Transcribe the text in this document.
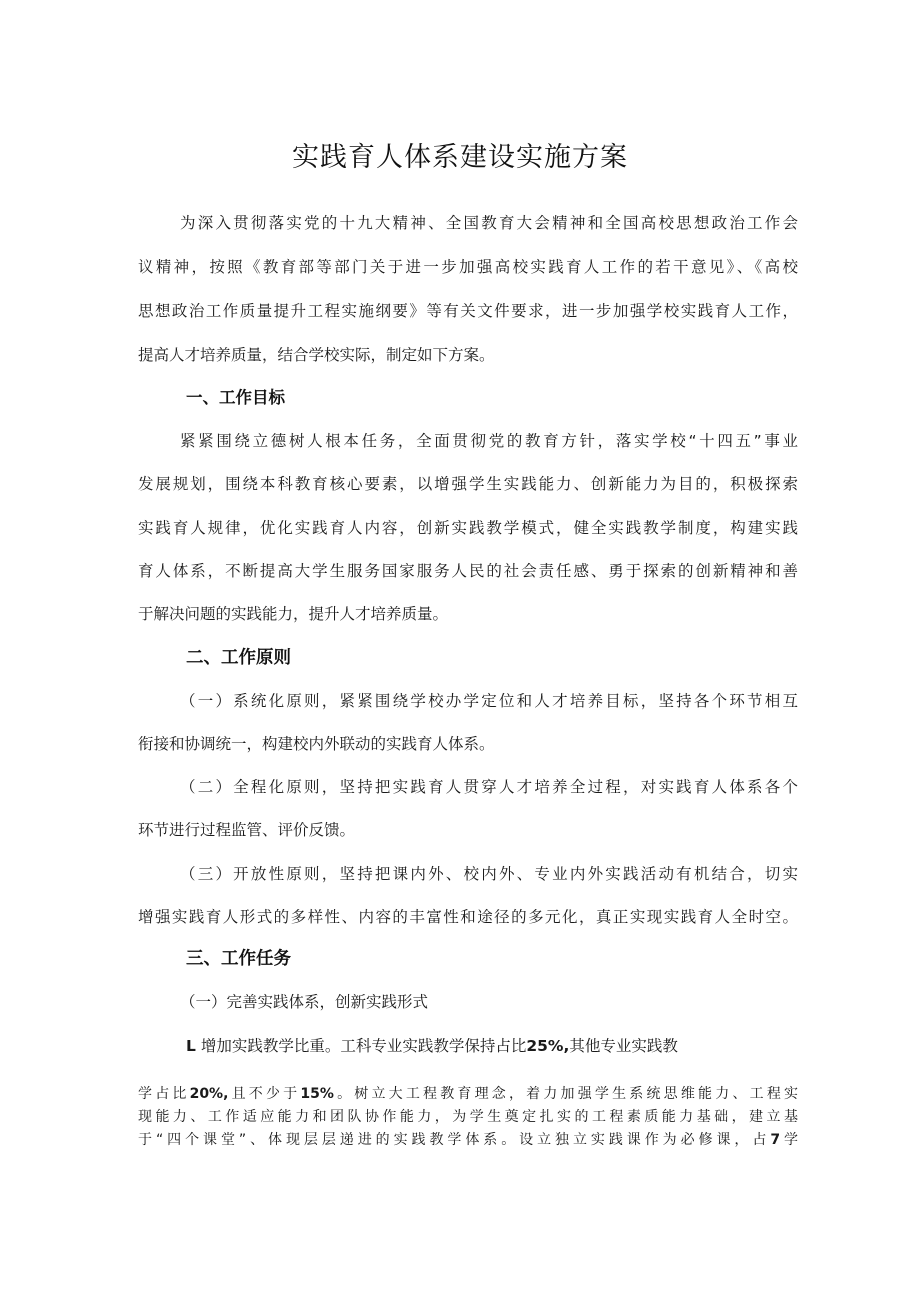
实践育人体系建设实施方案
为深入贯彻落实党的十九大精神、全国教育大会精神和全国高校思想政治工作会
议精神，按照《教育部等部门关于进一步加强高校实践育人工作的若干意见》、《高校
思想政治工作质量提升工程实施纲要》等有关文件要求，进一步加强学校实践育人工作，
提高人才培养质量，结合学校实际，制定如下方案。
一、工作目标
紧紧围绕立德树人根本任务，全面贯彻党的教育方针，落实学校“十四五”事业
发展规划，围绕本科教育核心要素，以增强学生实践能力、创新能力为目的，积极探索
实践育人规律，优化实践育人内容，创新实践教学模式，健全实践教学制度，构建实践
育人体系，不断提高大学生服务国家服务人民的社会责任感、勇于探索的创新精神和善
于解决问题的实践能力，提升人才培养质量。
二、工作原则
（一）系统化原则，紧紧围绕学校办学定位和人才培养目标，坚持各个环节相互
衔接和协调统一，构建校内外联动的实践育人体系。
（二）全程化原则，坚持把实践育人贯穿人才培养全过程，对实践育人体系各个
环节进行过程监管、评价反馈。
（三）开放性原则，坚持把课内外、校内外、专业内外实践活动有机结合，切实
增强实践育人形式的多样性、内容的丰富性和途径的多元化，真正实现实践育人全时空。
三、工作任务
（一）完善实践体系，创新实践形式
L 增加实践教学比重。工科专业实践教学保持占比25%,其他专业实践教
学占比20%,且不少于15%。树立大工程教育理念，着力加强学生系统思维能力、工程实
现能力、工作适应能力和团队协作能力，为学生奠定扎实的工程素质能力基础，建立基
于“四个课堂”、体现层层递进的实践教学体系。设立独立实践课作为必修课，占7学
